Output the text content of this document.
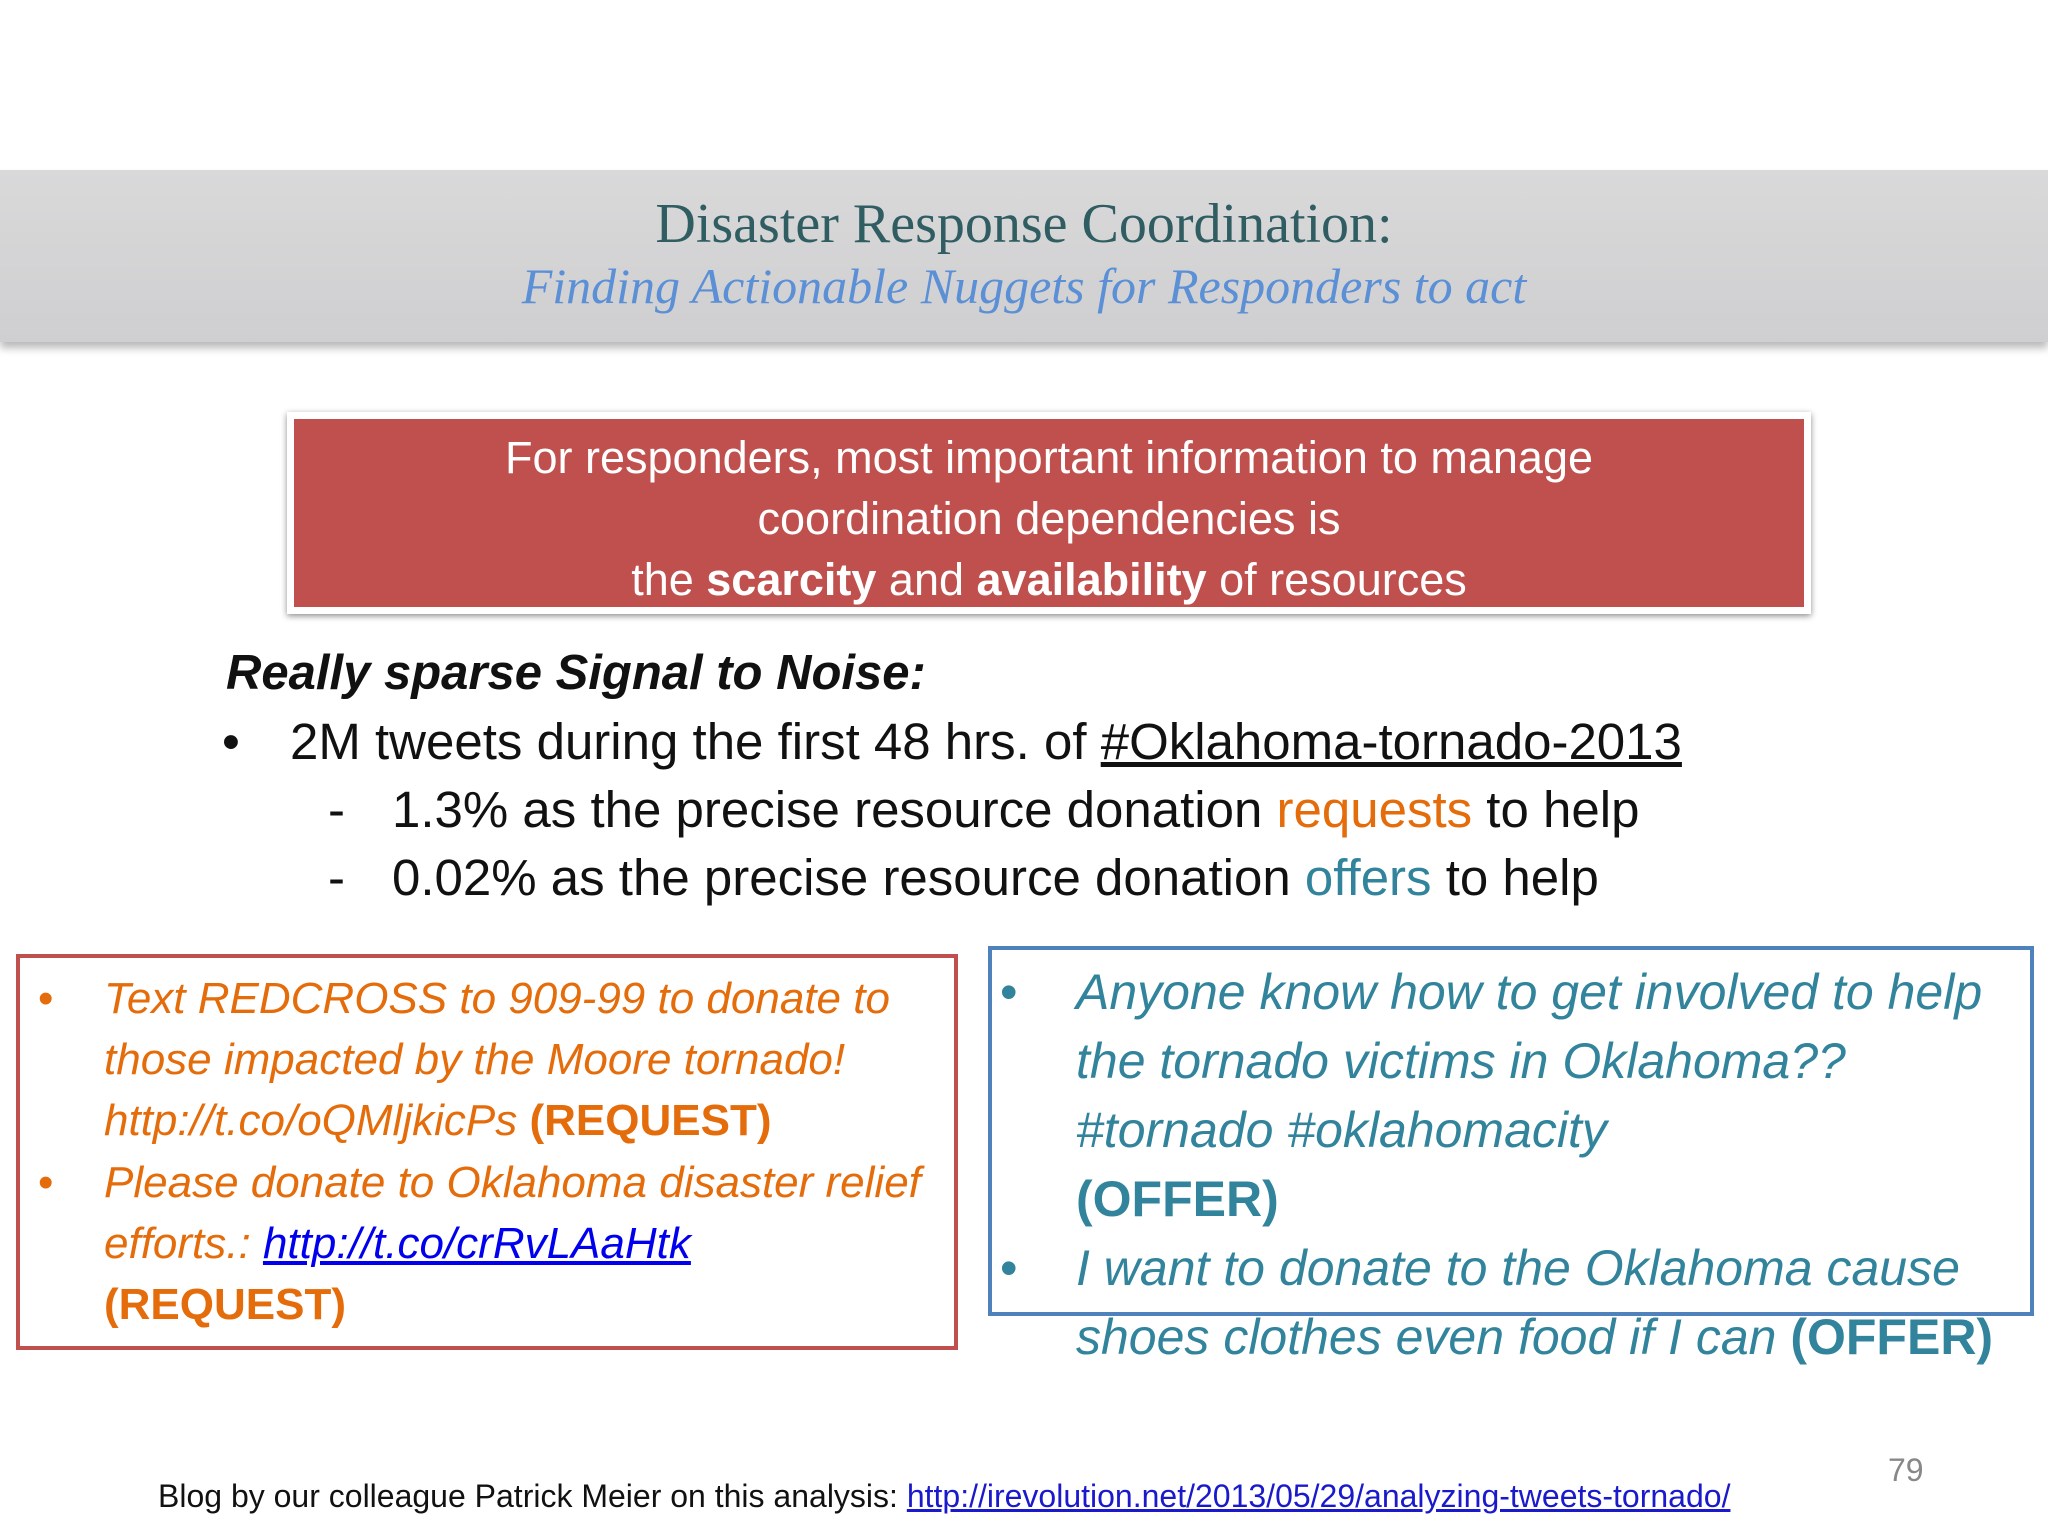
Disaster Response Coordination:
Finding Actionable Nuggets for Responders to act
For responders, most important information to manage
coordination dependencies is
the scarcity and availability of resources
Really sparse Signal to Noise:
• 2M tweets during the first 48 hrs. of #Oklahoma-tornado-2013
- 1.3% as the precise resource donation requests to help
- 0.02% as the precise resource donation offers to help
• Text REDCROSS to 909-99 to donate to those impacted by the Moore tornado! http://t.co/oQMljkicPs (REQUEST)
• Please donate to Oklahoma disaster relief efforts.: http://t.co/crRvLAaHtk
(REQUEST)
• Anyone know how to get involved to help the tornado victims in Oklahoma??#tornado #oklahomacity
(OFFER)
• I want to donate to the Oklahoma cause shoes clothes even food if I can (OFFER)
79
Blog by our colleague Patrick Meier on this analysis: http://irevolution.net/2013/05/29/analyzing-tweets-tornado/
